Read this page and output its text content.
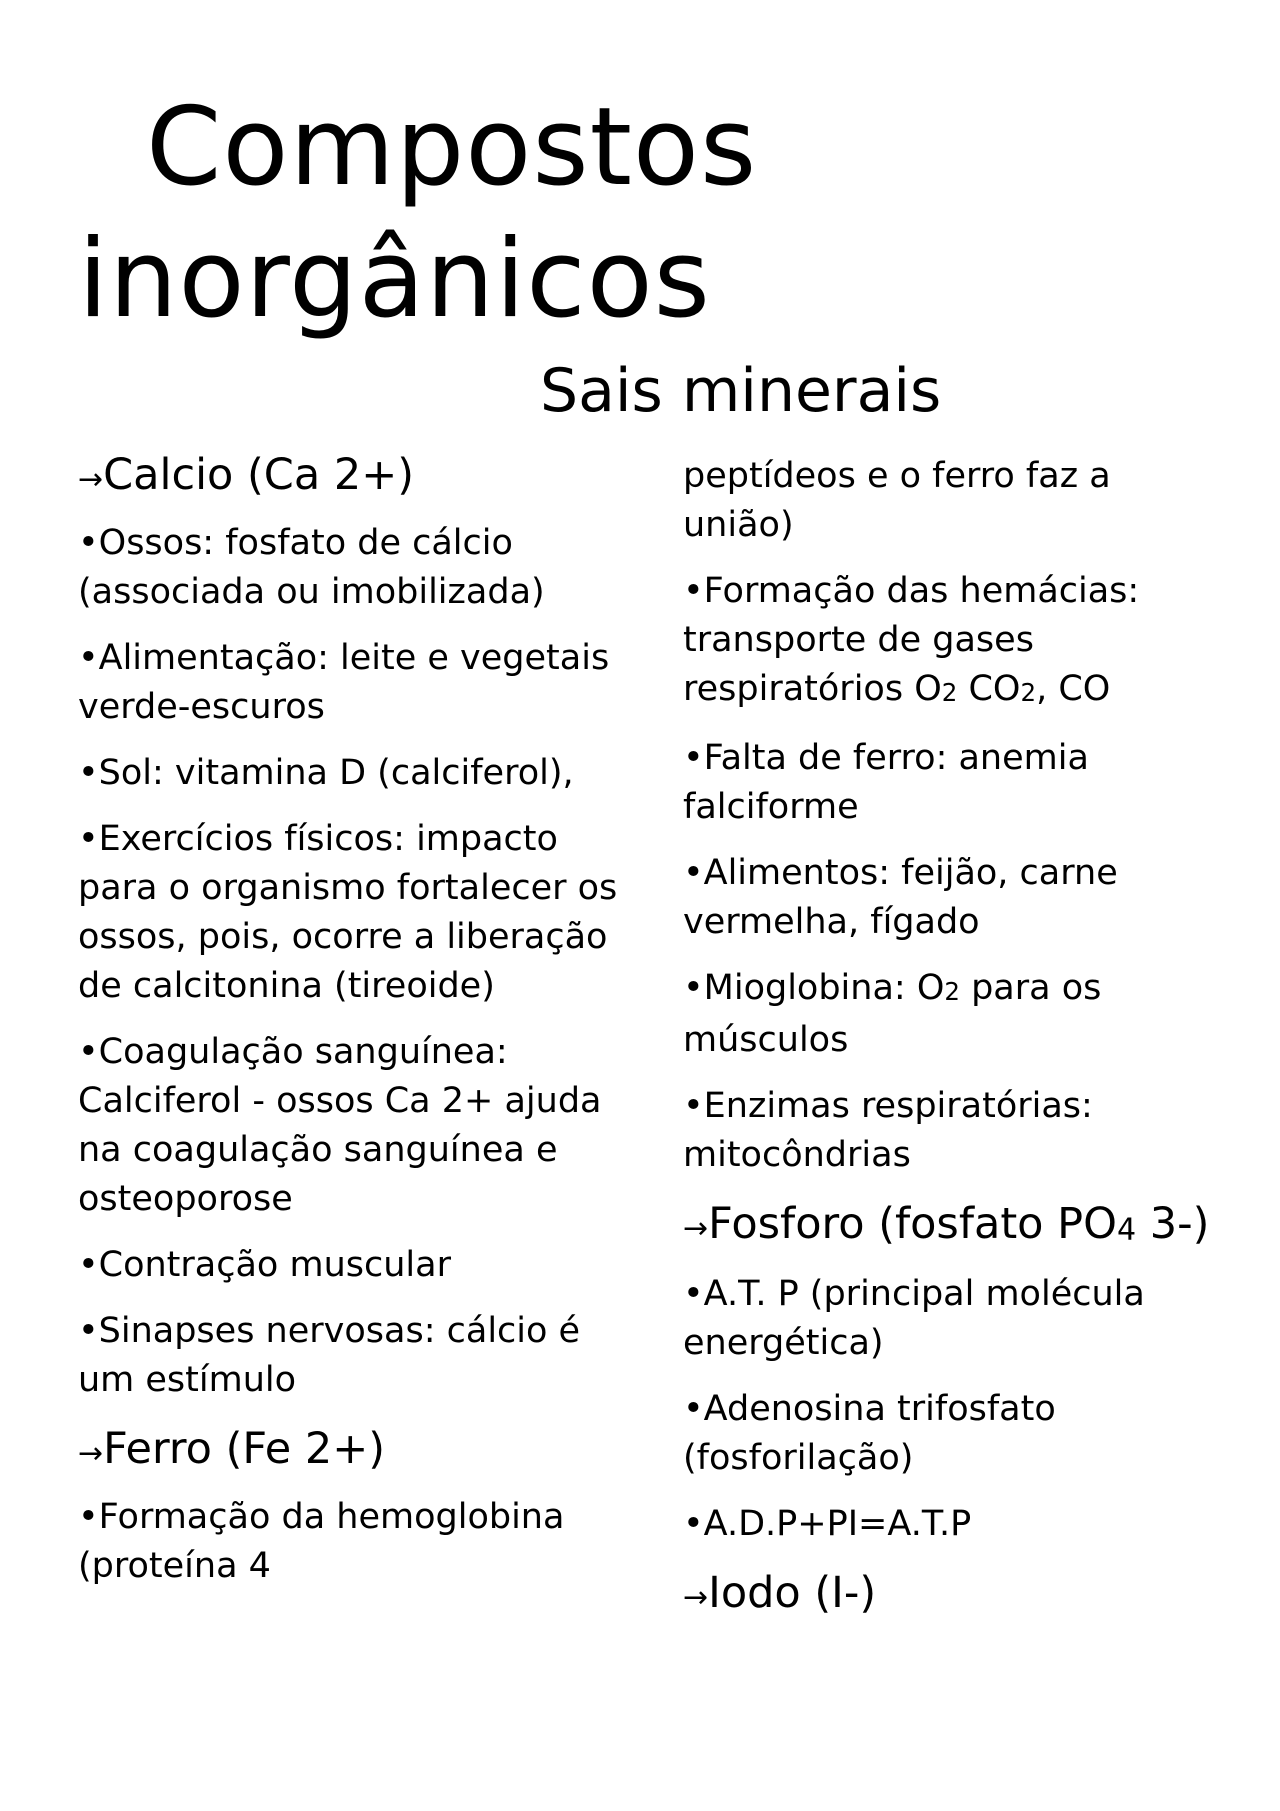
Compostos inorgânicos
Sais minerais
→Calcio (Ca 2+)

•Ossos: fosfato de cálcio (associada ou imobilizada)

•Alimentação: leite e vegetais verde-escuros

•Sol: vitamina D (calciferol),

•Exercícios físicos: impacto para o organismo fortalecer os ossos, pois, ocorre a liberação de calcitonina (tireoide)

•Coagulação sanguínea: Calciferol - ossos Ca 2+ ajuda na coagulação sanguínea e osteoporose

•Contração muscular

•Sinapses nervosas: cálcio é um estímulo

→Ferro (Fe 2+)

•Formação da hemoglobina (proteína 4

peptídeos e o ferro faz a união)

•Formação das hemácias: transporte de gases respiratórios O2 CO2, CO

•Falta de ferro: anemia falciforme

•Alimentos: feijão, carne vermelha, fígado

•Mioglobina: O2 para os músculos

•Enzimas respiratórias: mitocôndrias

→Fosforo (fosfato PO4 3-)

•A.T. P (principal molécula energética)

•Adenosina trifosfato (fosforilação)

•A.D.P+PI=A.T.P

→Iodo (I-)
